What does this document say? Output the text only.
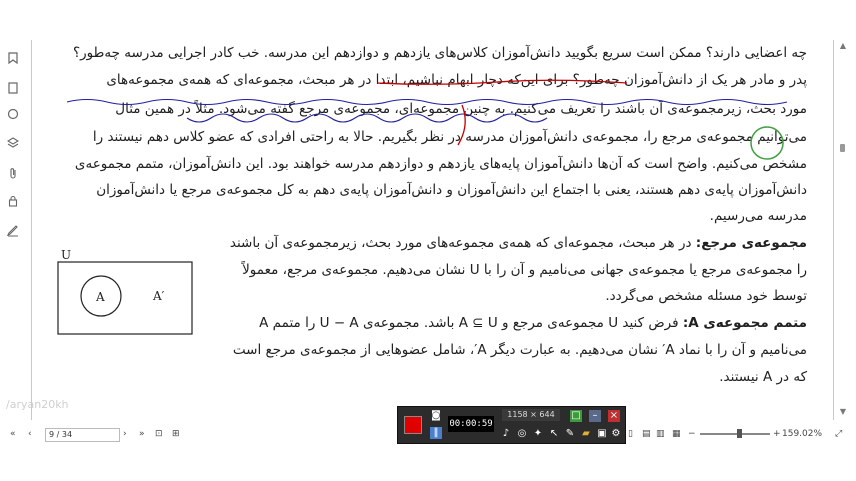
چه اعضایی دارند؟ ممکن است سریع بگویید دانش‌آموزان کلاس‌های یازدهم و دوازدهم این مدرسه. خب کادر اجرایی مدرسه چه‌طور؟
پدر و مادر هر یک از دانش‌آموزان چه‌طور؟ برای این‌که دچار ابهام نباشیم، ابتدا در هر مبحث، مجموعه‌ای که همه‌ی مجموعه‌های
مورد بحث، زیرمجموعه‌ی آن باشند را تعریف می‌کنیم. به چنین مجموعه‌ای، مجموعه‌ی مرجع گفته می‌شود. مثلاً در همین مثال
می‌توانیم مجموعه‌ی مرجع را، مجموعه‌ی دانش‌آموزان مدرسه در نظر بگیریم. حالا به راحتی افرادی که عضو کلاس دهم نیستند را
مشخص می‌کنیم. واضح است که آن‌ها دانش‌آموزان پایه‌های یازدهم و دوازدهم مدرسه خواهند بود. این دانش‌آموزان، متمم مجموعه‌ی
دانش‌آموزان پایه‌ی دهم هستند، یعنی با اجتماع این دانش‌آموزان و دانش‌آموزان پایه‌ی دهم به کل مجموعه‌ی مرجع یا دانش‌آموزان
مدرسه می‌رسیم.
U
A	A′
مجموعه‌ی مرجع: در هر مبحث، مجموعه‌ای که همه‌ی مجموعه‌های مورد بحث، زیرمجموعه‌ی آن باشند
را مجموعه‌ی مرجع یا مجموعه‌ی جهانی می‌نامیم و آن را با U نشان می‌دهیم. مجموعه‌ی مرجع، معمولاً
توسط خود مسئله مشخص می‌گردد.
متمم مجموعه‌ی A: فرض کنید U مجموعه‌ی مرجع و A ⊆ U باشد. مجموعه‌ی U − A را متمم A
می‌نامیم و آن را با نماد A′ نشان می‌دهیم. به عبارت دیگر A′، شامل عضوهایی از مجموعه‌ی مرجع است
که در A نیستند.
▲
▼
/aryan20kh
« ‹	› » ⊡ ⊞	▯ ▤ ▥ ▦ −	+ 159.02% ⤢
9 / 34
◙
‖
00:00:59
1158 × 644	□	–	×
♪ ◎ ✦ ↖ ✎ ▰ ▣ ⚙
